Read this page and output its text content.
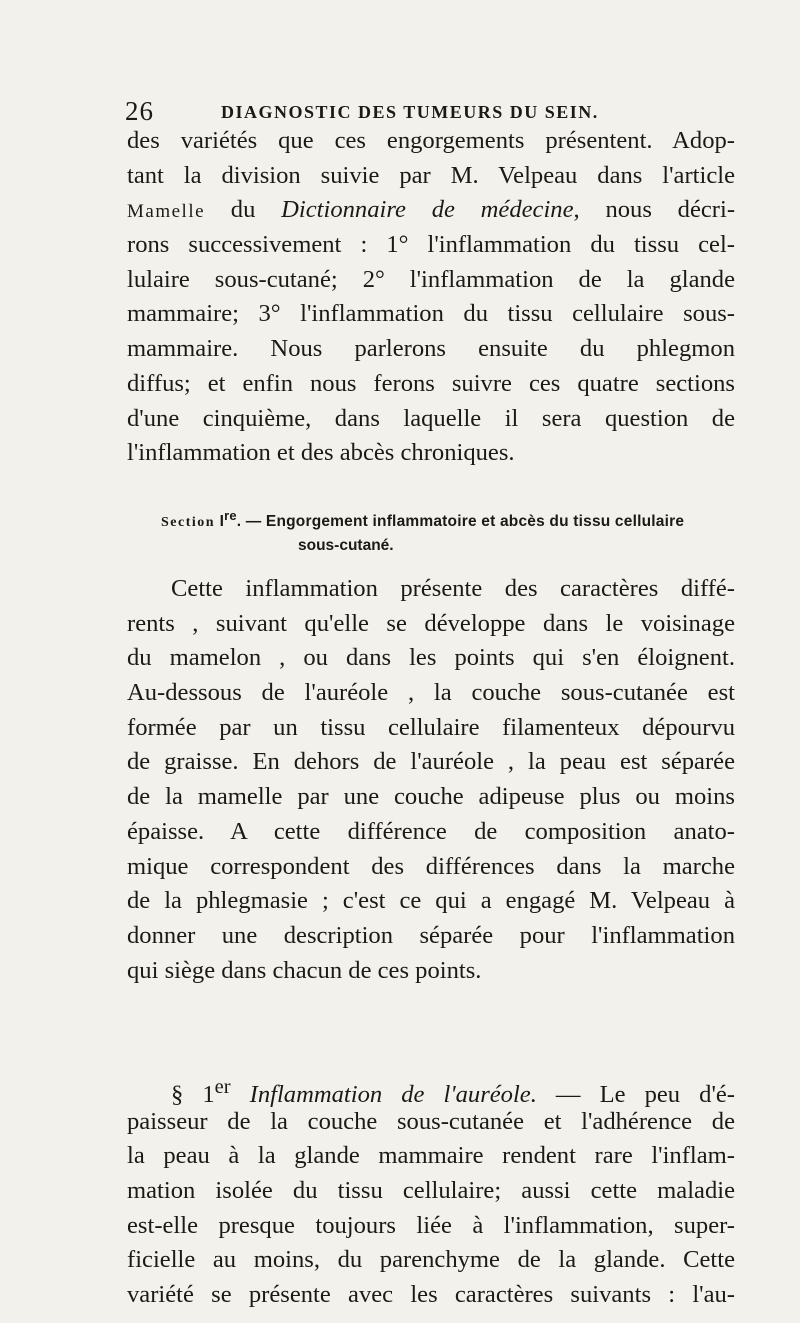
26	DIAGNOSTIC DES TUMEURS DU SEIN.
des variétés que ces engorgements présentent. Adop-
tant la division suivie par M. Velpeau dans l'article
Mamelle du Dictionnaire de médecine, nous décri-
rons successivement : 1° l'inflammation du tissu cel-
lulaire sous-cutané; 2° l'inflammation de la glande
mammaire; 3° l'inflammation du tissu cellulaire sous-
mammaire. Nous parlerons ensuite du phlegmon
diffus; et enfin nous ferons suivre ces quatre sections
d'une cinquième, dans laquelle il sera question de
l'inflammation et des abcès chroniques.
Section Ire. — Engorgement inflammatoire et abcès du tissu cellulaire
sous-cutané.
Cette inflammation présente des caractères diffé-
rents , suivant qu'elle se développe dans le voisinage
du mamelon , ou dans les points qui s'en éloignent.
Au-dessous de l'auréole , la couche sous-cutanée est
formée par un tissu cellulaire filamenteux dépourvu
de graisse. En dehors de l'auréole , la peau est séparée
de la mamelle par une couche adipeuse plus ou moins
épaisse. A cette différence de composition anato-
mique correspondent des différences dans la marche
de la phlegmasie ; c'est ce qui a engagé M. Velpeau à
donner une description séparée pour l'inflammation
qui siège dans chacun de ces points.
§ 1er Inflammation de l'auréole. — Le peu d'é-
paisseur de la couche sous-cutanée et l'adhérence de
la peau à la glande mammaire rendent rare l'inflam-
mation isolée du tissu cellulaire; aussi cette maladie
est-elle presque toujours liée à l'inflammation, super-
ficielle au moins, du parenchyme de la glande. Cette
variété se présente avec les caractères suivants : l'au-
